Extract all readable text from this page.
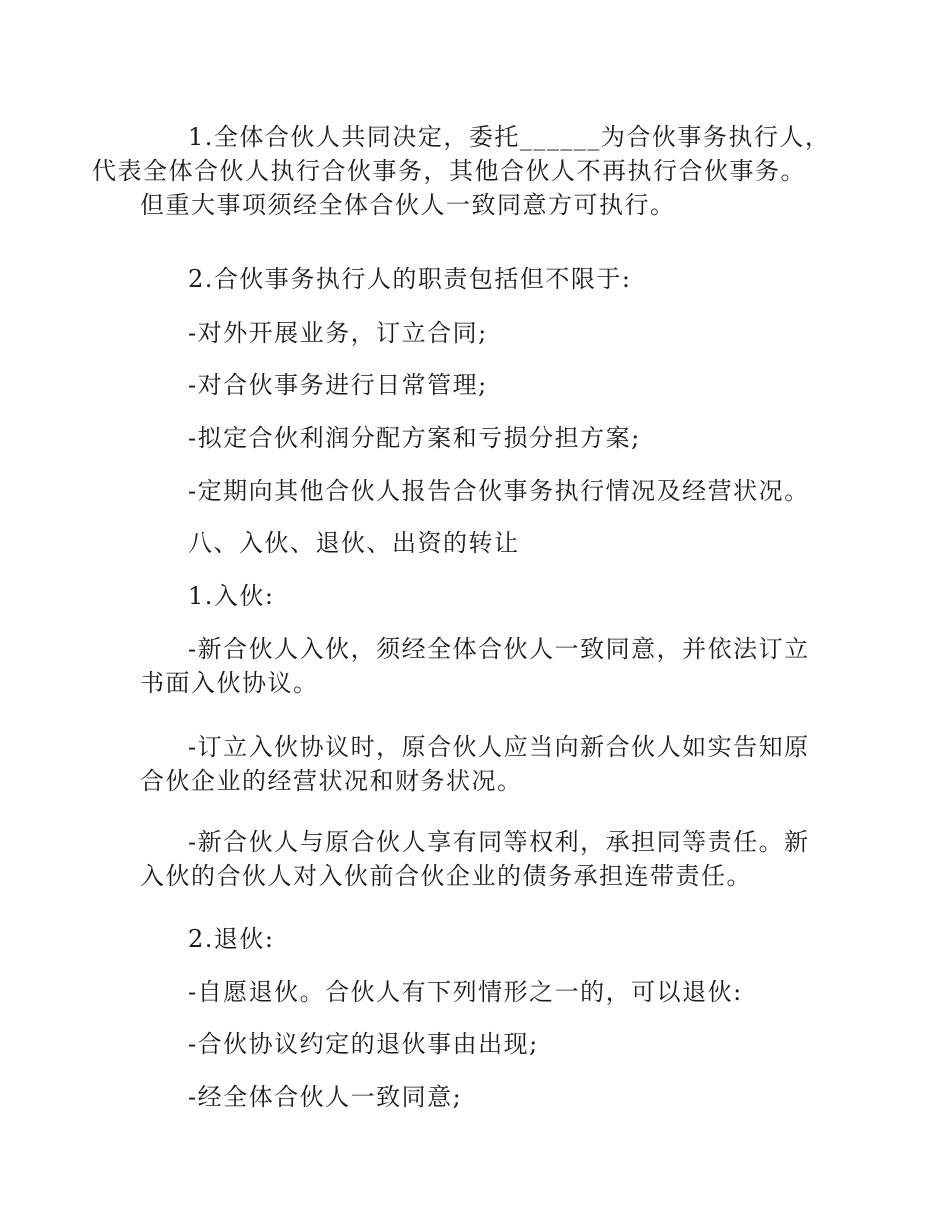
1.全体合伙人共同决定，委托______为合伙事务执行人，
代表全体合伙人执行合伙事务，其他合伙人不再执行合伙事务。
但重大事项须经全体合伙人一致同意方可执行。

2.合伙事务执行人的职责包括但不限于:

-对外开展业务，订立合同;

-对合伙事务进行日常管理;

-拟定合伙利润分配方案和亏损分担方案;

-定期向其他合伙人报告合伙事务执行情况及经营状况。

八、入伙、退伙、出资的转让

1.入伙:

-新合伙人入伙，须经全体合伙人一致同意，并依法订立
书面入伙协议。

-订立入伙协议时，原合伙人应当向新合伙人如实告知原
合伙企业的经营状况和财务状况。

-新合伙人与原合伙人享有同等权利，承担同等责任。新
入伙的合伙人对入伙前合伙企业的债务承担连带责任。

2.退伙:

-自愿退伙。合伙人有下列情形之一的，可以退伙:

-合伙协议约定的退伙事由出现;

-经全体合伙人一致同意;
